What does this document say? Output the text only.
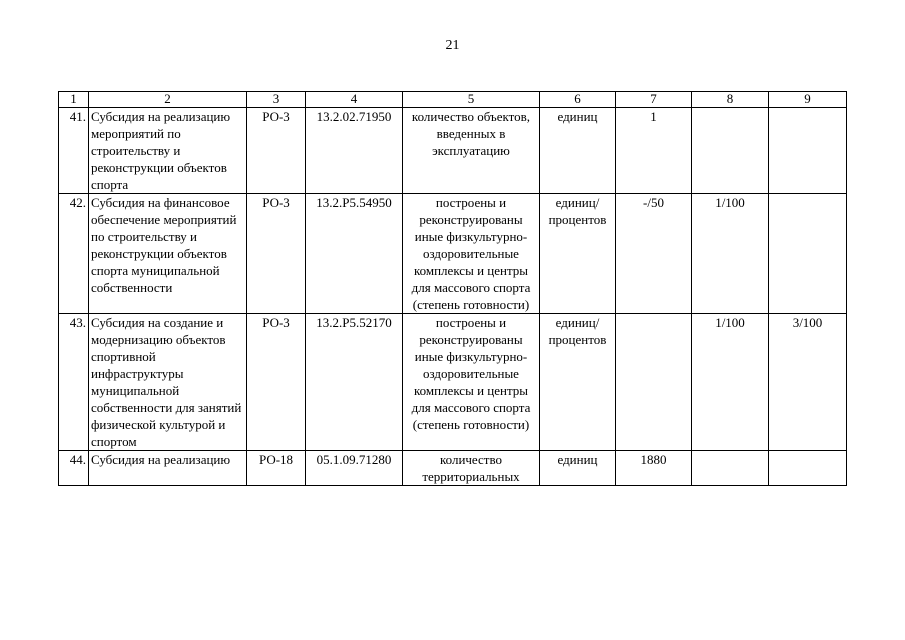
21
1	2	3	4	5	6	7	8	9
41.	Субсидия на реализацию мероприятий по строительству и реконструкции объектов спорта	РО-3	13.2.02.71950	количество объектов, введенных в эксплуатацию	единиц	1		
42.	Субсидия на финансовое обеспечение мероприятий по строительству и реконструкции объектов спорта муниципальной собственности	РО-3	13.2.Р5.54950	построены и реконструированы иные физкультурно-оздоровительные комплексы и центры для массового спорта (степень готовности)	единиц/ процентов	-/50	1/100	
43.	Субсидия на создание и модернизацию объектов спортивной инфраструктуры муниципальной собственности для занятий физической культурой и спортом	РО-3	13.2.Р5.52170	построены и реконструированы иные физкультурно-оздоровительные комплексы и центры для массового спорта (степень готовности)	единиц/ процентов		1/100	3/100
44.	Субсидия на реализацию	РО-18	05.1.09.71280	количество территориальных	единиц	1880		
